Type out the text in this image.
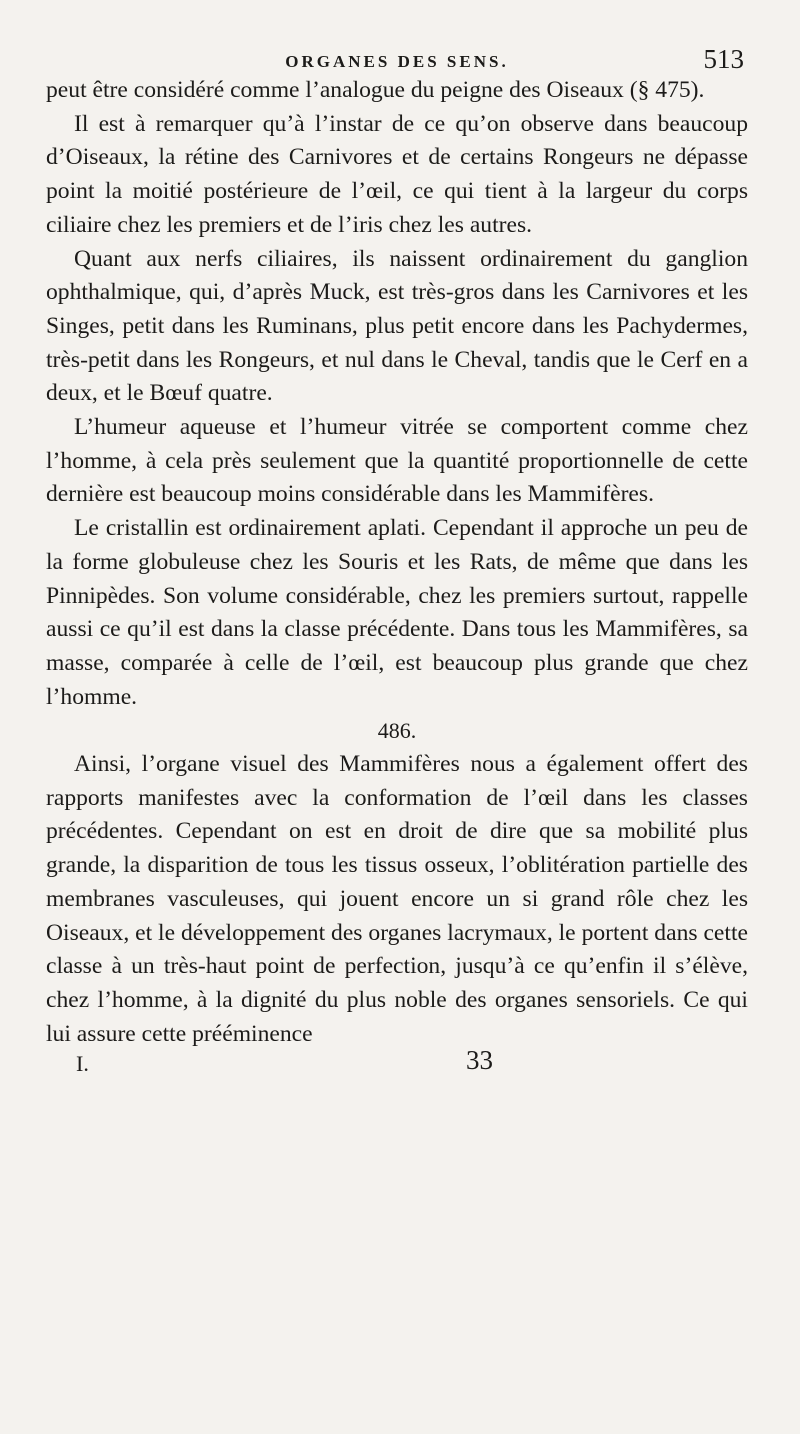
ORGANES DES SENS.	513

peut être considéré comme l’analogue du peigne des Oiseaux (§ 475).

Il est à remarquer qu’à l’instar de ce qu’on observe dans beaucoup d’Oiseaux, la rétine des Carnivores et de certains Rongeurs ne dépasse point la moitié postérieure de l’œil, ce qui tient à la largeur du corps ciliaire chez les premiers et de l’iris chez les autres.

Quant aux nerfs ciliaires, ils naissent ordinairement du ganglion ophthalmique, qui, d’après Muck, est très-gros dans les Carnivores et les Singes, petit dans les Ruminans, plus petit encore dans les Pachydermes, très-petit dans les Rongeurs, et nul dans le Cheval, tandis que le Cerf en a deux, et le Bœuf quatre.

L’humeur aqueuse et l’humeur vitrée se comportent comme chez l’homme, à cela près seulement que la quantité proportionnelle de cette dernière est beaucoup moins considérable dans les Mammifères.

Le cristallin est ordinairement aplati. Cependant il approche un peu de la forme globuleuse chez les Souris et les Rats, de même que dans les Pinnipèdes. Son volume considérable, chez les premiers surtout, rappelle aussi ce qu’il est dans la classe précédente. Dans tous les Mammifères, sa masse, comparée à celle de l’œil, est beaucoup plus grande que chez l’homme.

486.

Ainsi, l’organe visuel des Mammifères nous a également offert des rapports manifestes avec la conformation de l’œil dans les classes précédentes. Cependant on est en droit de dire que sa mobilité plus grande, la disparition de tous les tissus osseux, l’oblitération partielle des membranes vasculeuses, qui jouent encore un si grand rôle chez les Oiseaux, et le développement des organes lacrymaux, le portent dans cette classe à un très-haut point de perfection, jusqu’à ce qu’enfin il s’élève, chez l’homme, à la dignité du plus noble des organes sensoriels. Ce qui lui assure cette prééminence

I.	33
